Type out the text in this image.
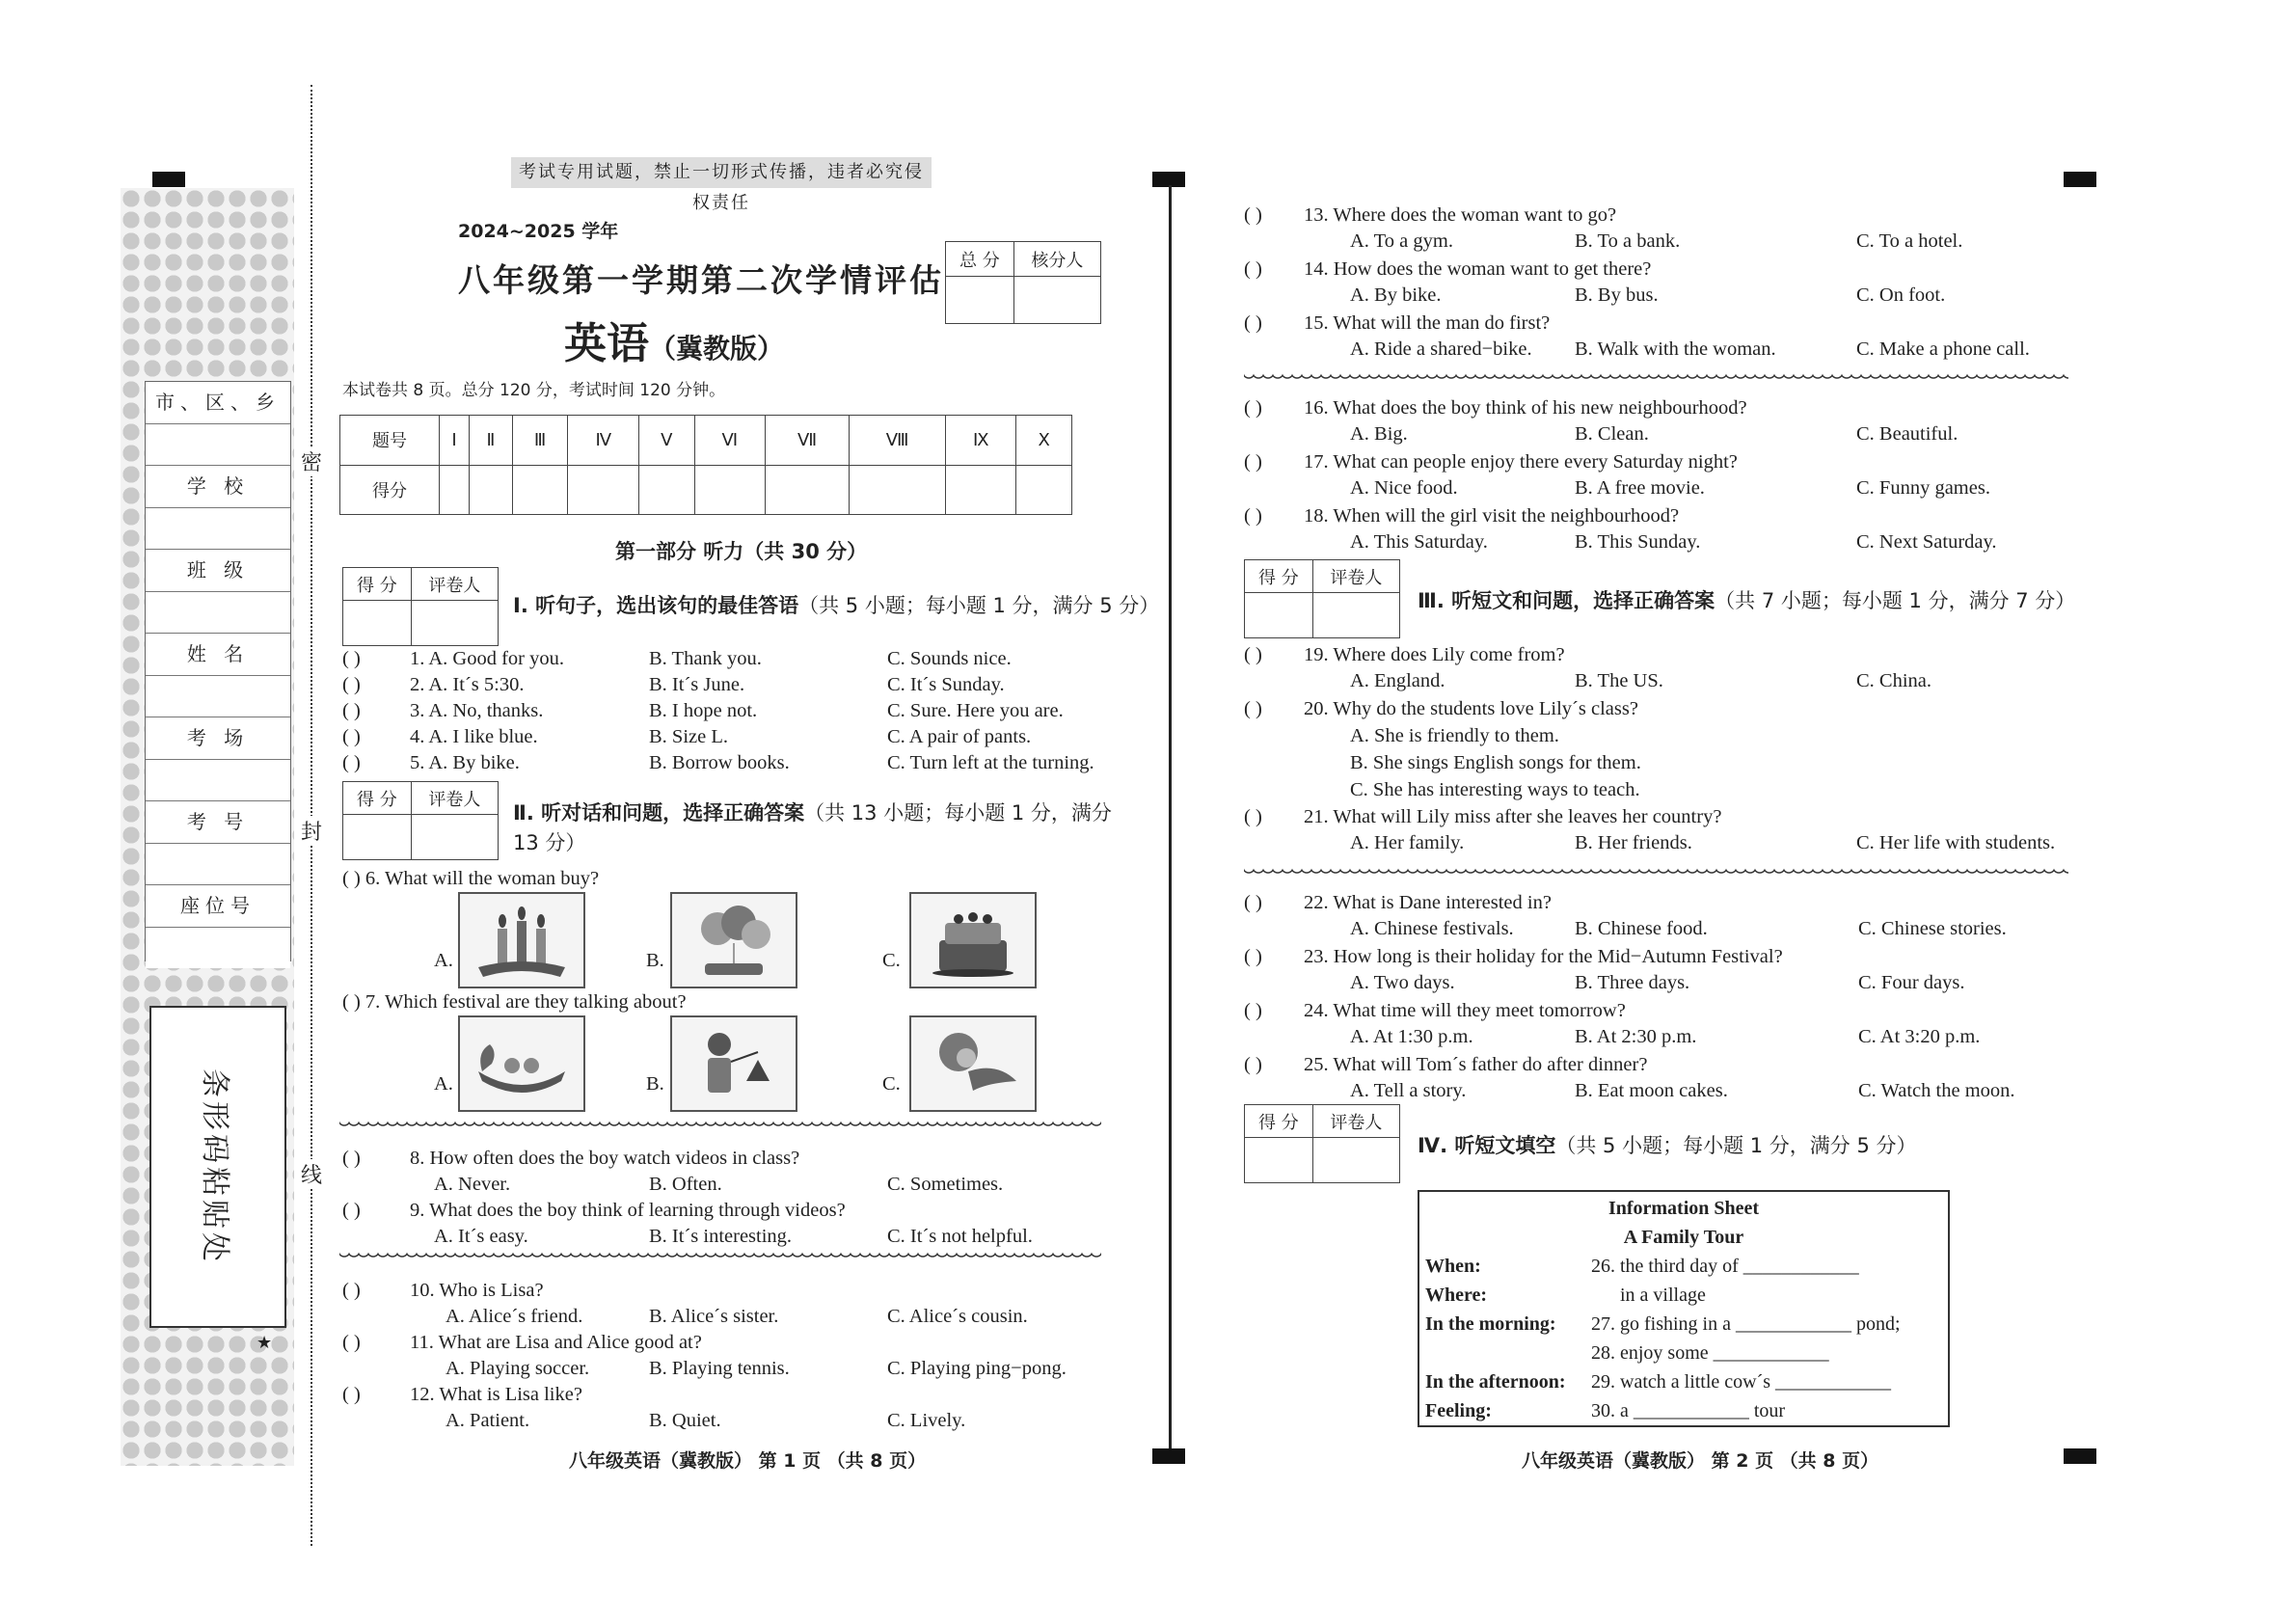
市、区、乡
学 校
班 级
姓 名
考 场
考 号
座位号
条形码粘贴处
★
密
封
线
考试专用试题，禁止一切形式传播，违者必究侵权责任
2024~2025 学年
八年级第一学期第二次学情评估
英语（冀教版）
总 分	核分人

本试卷共 8 页。总分 120 分，考试时间 120 分钟。
题号	Ⅰ	Ⅱ	Ⅲ	Ⅳ	Ⅴ	Ⅵ	Ⅶ	Ⅷ	Ⅸ	Ⅹ
得分										
第一部分 听力（共 30 分）
得 分	评卷人

Ⅰ. 听句子，选出该句的最佳答语（共 5 小题；每小题 1 分，满分 5 分）
( ) 1. A. Good for you.	B. Thank you.	C. Sounds nice.
( ) 2. A. It´s 5:30.	B. It´s June.	C. It´s Sunday.
( ) 3. A. No, thanks.	B. I hope not.	C. Sure. Here you are.
( ) 4. A. I like blue.	B. Size L.	C. A pair of pants.
( ) 5. A. By bike.	B. Borrow books.	C. Turn left at the turning.
得 分	评卷人

Ⅱ. 听对话和问题，选择正确答案（共 13 小题；每小题 1 分，满分
13 分）
( ) 6. What will the woman buy?
A.	B.	C.
( ) 7. Which festival are they talking about?
A.	B.	C.
( ) 8. How often does the boy watch videos in class?
A. Never.	B. Often.	C. Sometimes.
( ) 9. What does the boy think of learning through videos?
A. It´s easy.	B. It´s interesting.	C. It´s not helpful.
( ) 10. Who is Lisa?
A. Alice´s friend.	B. Alice´s sister.	C. Alice´s cousin.
( ) 11. What are Lisa and Alice good at?
A. Playing soccer.	B. Playing tennis.	C. Playing ping−pong.
( ) 12. What is Lisa like?
A. Patient.	B. Quiet.	C. Lively.
八年级英语（冀教版） 第 1 页 （共 8 页）
( ) 13. Where does the woman want to go?
A. To a gym.	B. To a bank.	C. To a hotel.
( ) 14. How does the woman want to get there?
A. By bike.	B. By bus.	C. On foot.
( ) 15. What will the man do first?
A. Ride a shared−bike. B. Walk with the woman.	C. Make a phone call.
( ) 16. What does the boy think of his new neighbourhood?
A. Big.	B. Clean.	C. Beautiful.
( ) 17. What can people enjoy there every Saturday night?
A. Nice food.	B. A free movie.	C. Funny games.
( ) 18. When will the girl visit the neighbourhood?
A. This Saturday.	B. This Sunday.	C. Next Saturday.
得 分	评卷人

Ⅲ. 听短文和问题，选择正确答案（共 7 小题；每小题 1 分，满分 7 分）
( ) 19. Where does Lily come from?
A. England.	B. The US.	C. China.
( ) 20. Why do the students love Lily´s class?
A. She is friendly to them.
B. She sings English songs for them.
C. She has interesting ways to teach.
( ) 21. What will Lily miss after she leaves her country?
A. Her family.	B. Her friends.	C. Her life with students.
( ) 22. What is Dane interested in?
A. Chinese festivals.	B. Chinese food.	C. Chinese stories.
( ) 23. How long is their holiday for the Mid−Autumn Festival?
A. Two days.	B. Three days.	C. Four days.
( ) 24. What time will they meet tomorrow?
A. At 1:30 p.m.	B. At 2:30 p.m.	C. At 3:20 p.m.
( ) 25. What will Tom´s father do after dinner?
A. Tell a story.	B. Eat moon cakes.	C. Watch the moon.
得 分	评卷人

Ⅳ. 听短文填空（共 5 小题；每小题 1 分，满分 5 分）
Information Sheet
A Family Tour
When:	26. the third day of ____________
Where:	in a village
In the morning: 27. go fishing in a ____________ pond;
28. enjoy some ____________
In the afternoon: 29. watch a little cow´s ____________
Feeling:	30. a ____________ tour
八年级英语（冀教版） 第 2 页 （共 8 页）
